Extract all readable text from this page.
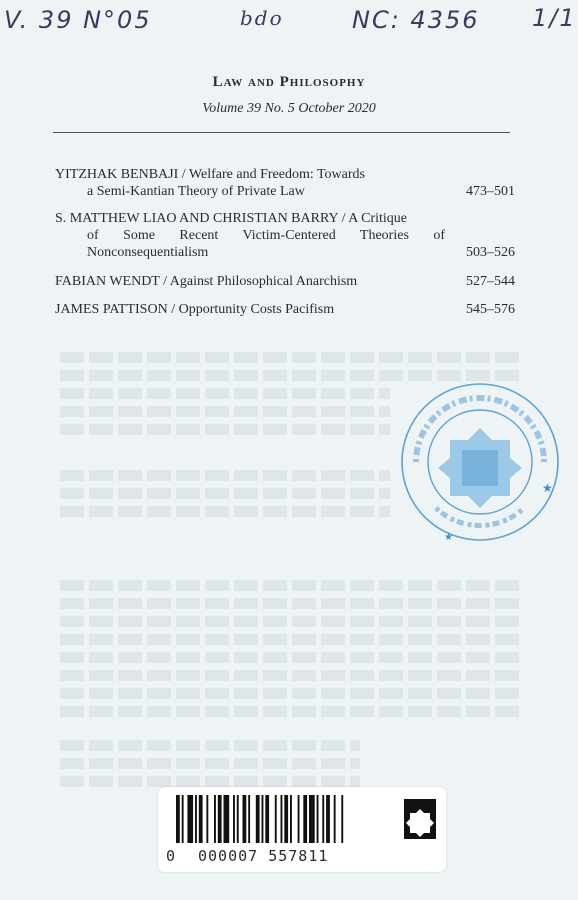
V. 39 N°05	bdo	NC: 4356 1/1
Law and Philosophy
Volume 39 No. 5 October 2020
YITZHAK BENBAJI / Welfare and Freedom: Towards
a Semi-Kantian Theory of Private Law	473–501
S. MATTHEW LIAO AND CHRISTIAN BARRY / A Critique
of Some Recent Victim-Centered Theories of
Nonconsequentialism	503–526
FABIAN WENDT / Against Philosophical Anarchism	527–544
JAMES PATTISON / Opportunity Costs Pacifism	545–576
★
★
0 000007 557811
